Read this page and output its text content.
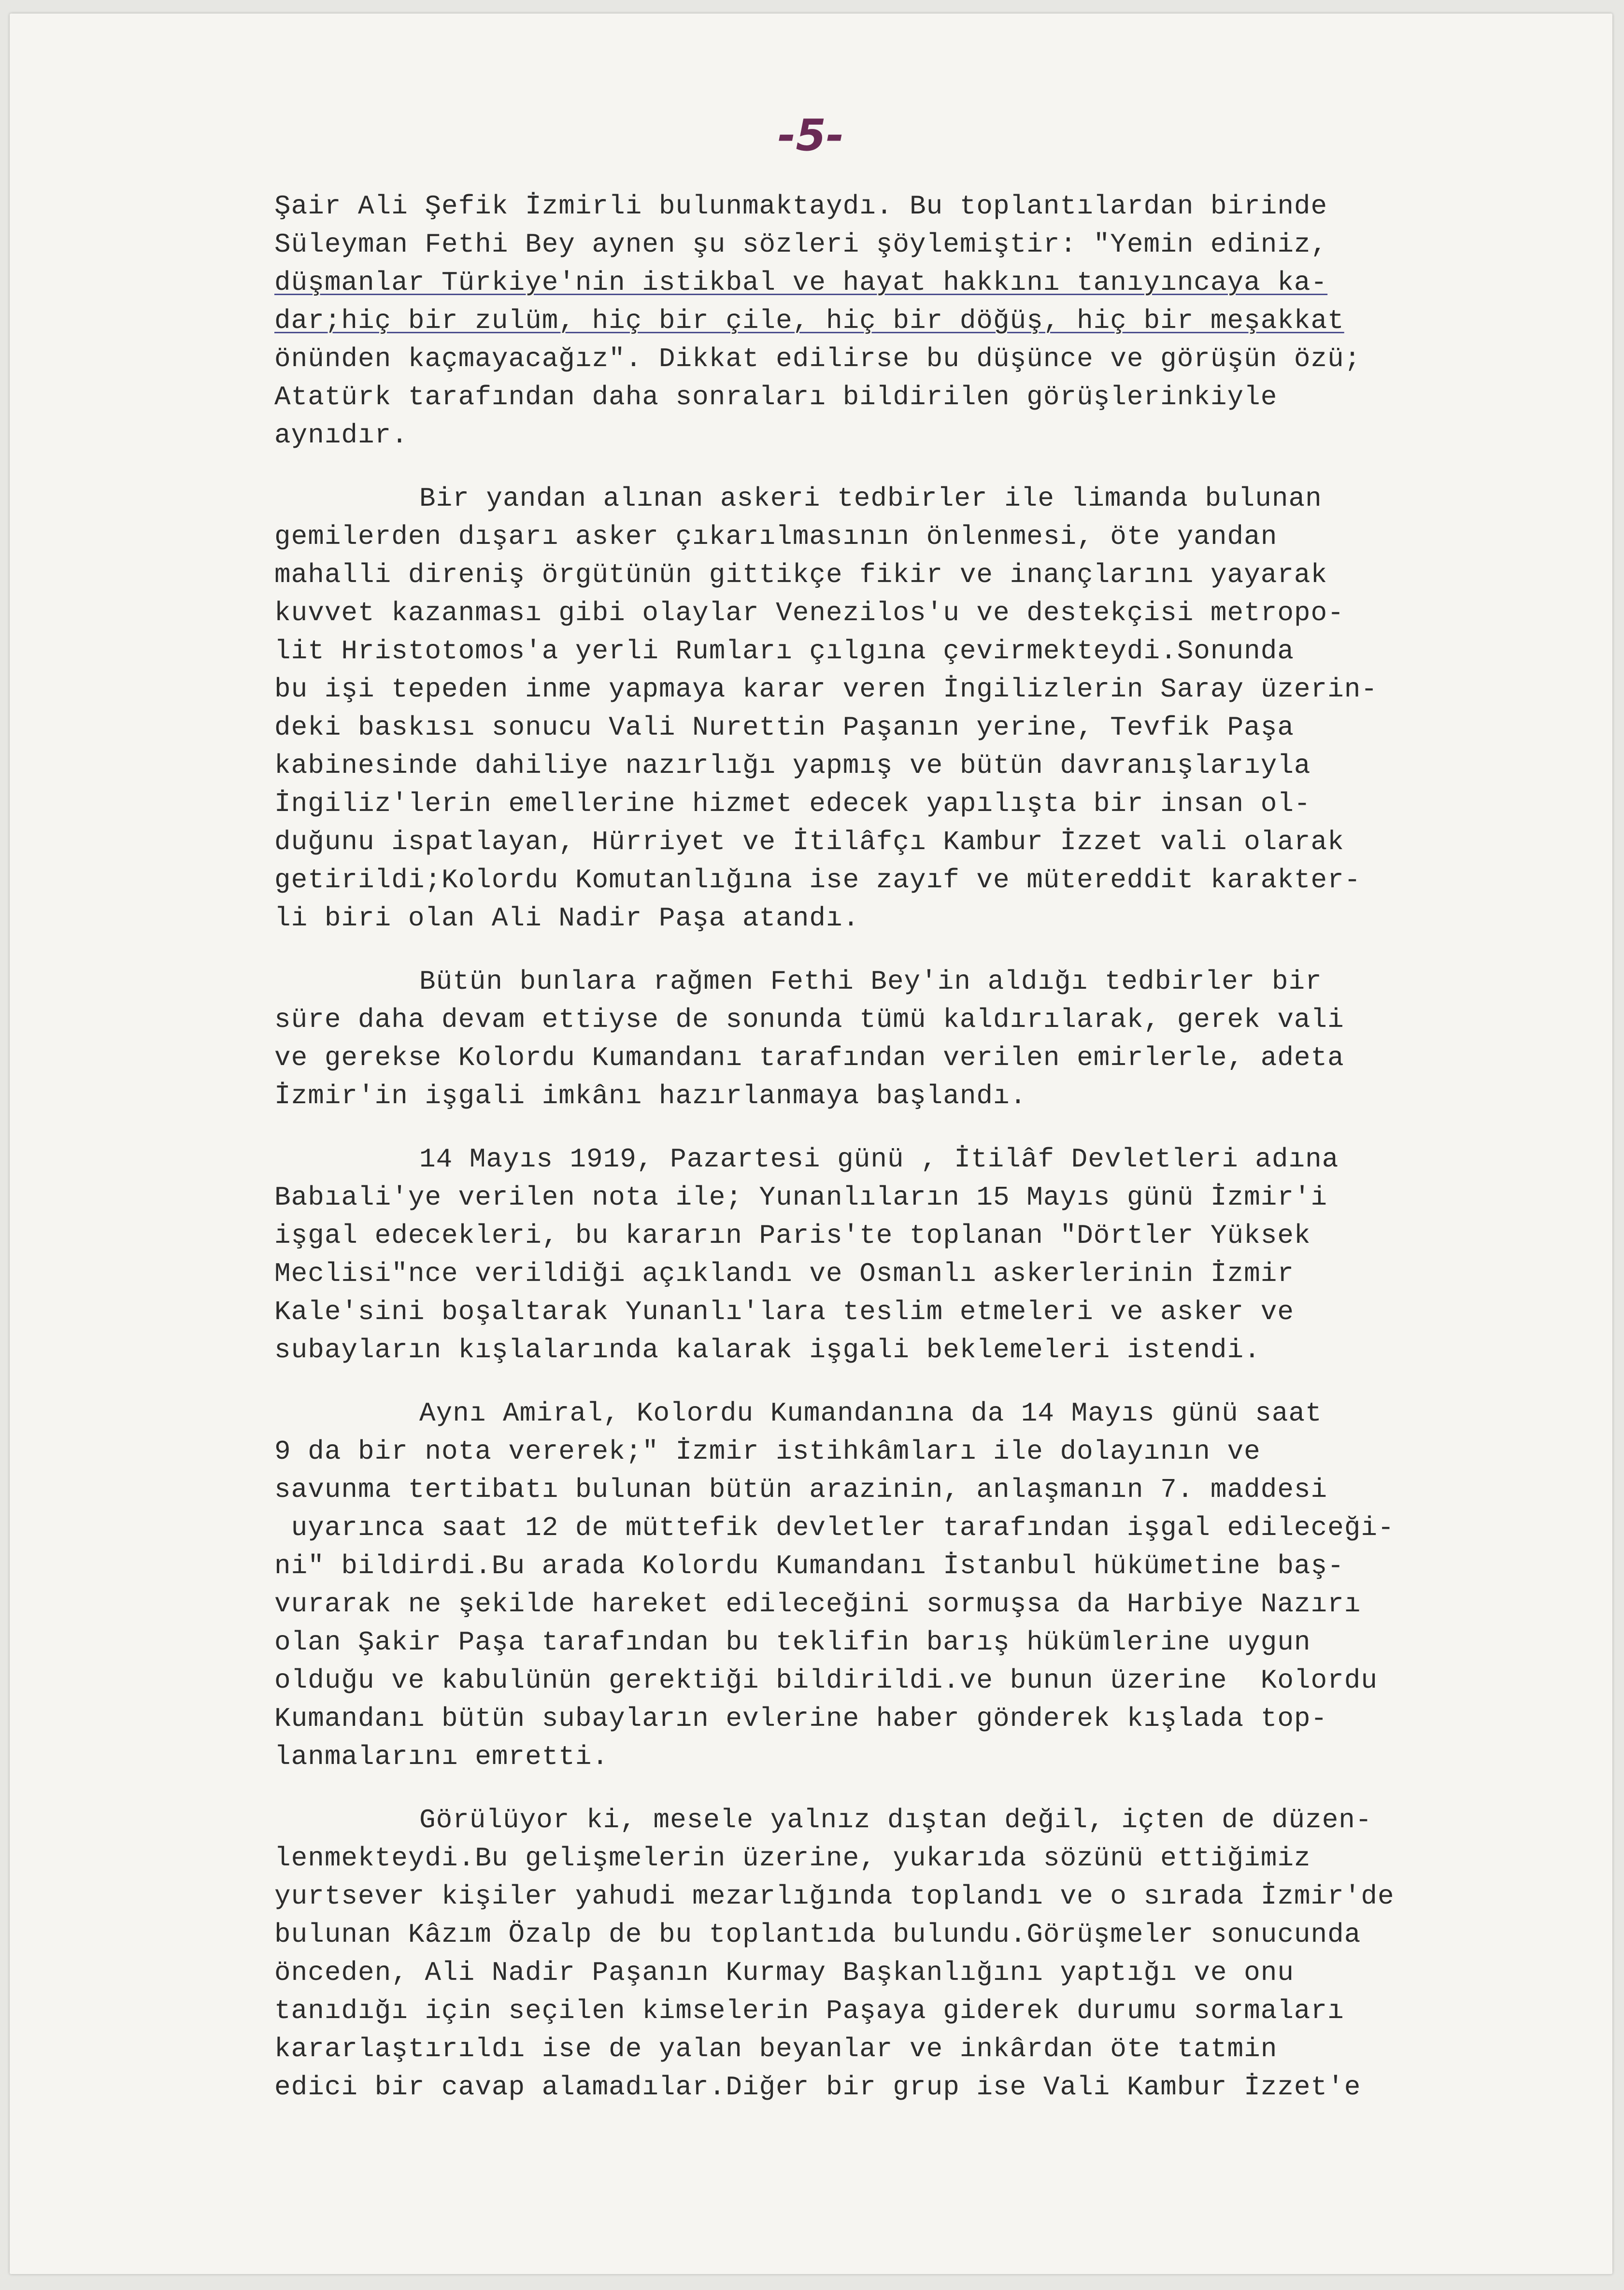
-5-

Şair Ali Şefik İzmirli bulunmaktaydı. Bu toplantılardan birinde
Süleyman Fethi Bey aynen şu sözleri şöylemiştir: "Yemin ediniz,
düşmanlar Türkiye'nin istikbal ve hayat hakkını tanıyıncaya ka-
dar;hiç bir zulüm, hiç bir çile, hiç bir döğüş, hiç bir meşakkat
önünden kaçmayacağız". Dikkat edilirse bu düşünce ve görüşün özü;
Atatürk tarafından daha sonraları bildirilen görüşlerinkiyle
aynıdır.

Bir yandan alınan askeri tedbirler ile limanda bulunan
gemilerden dışarı asker çıkarılmasının önlenmesi, öte yandan
mahalli direniş örgütünün gittikçe fikir ve inançlarını yayarak
kuvvet kazanması gibi olaylar Venezilos'u ve destekçisi metropo-
lit Hristotomos'a yerli Rumları çılgına çevirmekteydi.Sonunda
bu işi tepeden inme yapmaya karar veren İngilizlerin Saray üzerin-
deki baskısı sonucu Vali Nurettin Paşanın yerine, Tevfik Paşa
kabinesinde dahiliye nazırlığı yapmış ve bütün davranışlarıyla
İngiliz'lerin emellerine hizmet edecek yapılışta bir insan ol-
duğunu ispatlayan, Hürriyet ve İtilâfçı Kambur İzzet vali olarak
getirildi;Kolordu Komutanlığına ise zayıf ve mütereddit karakter-
li biri olan Ali Nadir Paşa atandı.

Bütün bunlara rağmen Fethi Bey'in aldığı tedbirler bir
süre daha devam ettiyse de sonunda tümü kaldırılarak, gerek vali
ve gerekse Kolordu Kumandanı tarafından verilen emirlerle, adeta
İzmir'in işgali imkânı hazırlanmaya başlandı.

14 Mayıs 1919, Pazartesi günü , İtilâf Devletleri adına
Babıali'ye verilen nota ile; Yunanlıların 15 Mayıs günü İzmir'i
işgal edecekleri, bu kararın Paris'te toplanan "Dörtler Yüksek
Meclisi"nce verildiği açıklandı ve Osmanlı askerlerinin İzmir
Kale'sini boşaltarak Yunanlı'lara teslim etmeleri ve asker ve
subayların kışlalarında kalarak işgali beklemeleri istendi.

Aynı Amiral, Kolordu Kumandanına da 14 Mayıs günü saat
9 da bir nota vererek;" İzmir istihkâmları ile dolayının ve
savunma tertibatı bulunan bütün arazinin, anlaşmanın 7. maddesi
uyarınca saat 12 de müttefik devletler tarafından işgal edileceği-
ni" bildirdi.Bu arada Kolordu Kumandanı İstanbul hükümetine baş-
vurarak ne şekilde hareket edileceğini sormuşsa da Harbiye Nazırı
olan Şakir Paşa tarafından bu teklifin barış hükümlerine uygun
olduğu ve kabulünün gerektiği bildirildi.ve bunun üzerine  Kolordu
Kumandanı bütün subayların evlerine haber gönderek kışlada top-
lanmalarını emretti.

Görülüyor ki, mesele yalnız dıştan değil, içten de düzen-
lenmekteydi.Bu gelişmelerin üzerine, yukarıda sözünü ettiğimiz
yurtsever kişiler yahudi mezarlığında toplandı ve o sırada İzmir'de
bulunan Kâzım Özalp de bu toplantıda bulundu.Görüşmeler sonucunda
önceden, Ali Nadir Paşanın Kurmay Başkanlığını yaptığı ve onu
tanıdığı için seçilen kimselerin Paşaya giderek durumu sormaları
kararlaştırıldı ise de yalan beyanlar ve inkârdan öte tatmin
edici bir cavap alamadılar.Diğer bir grup ise Vali Kambur İzzet'e
